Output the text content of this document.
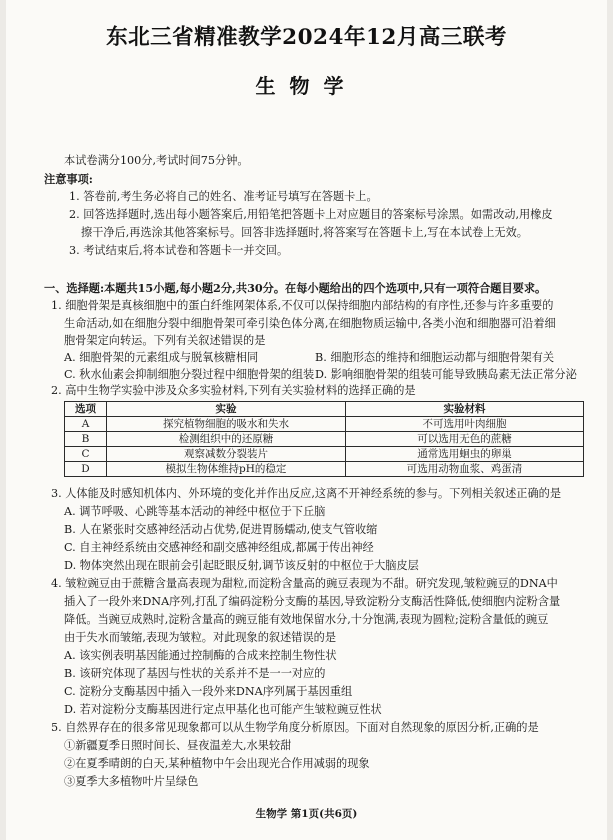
东北三省精准教学2024年12月高三联考
生物学
本试卷满分100分,考试时间75分钟。
注意事项:
1. 答卷前,考生务必将自己的姓名、准考证号填写在答题卡上。
2. 回答选择题时,选出每小题答案后,用铅笔把答题卡上对应题目的答案标号涂黑。如需改动,用橡皮
擦干净后,再选涂其他答案标号。回答非选择题时,将答案写在答题卡上,写在本试卷上无效。
3. 考试结束后,将本试卷和答题卡一并交回。
一、选择题:本题共15小题,每小题2分,共30分。在每小题给出的四个选项中,只有一项符合题目要求。
1. 细胞骨架是真核细胞中的蛋白纤维网架体系,不仅可以保持细胞内部结构的有序性,还参与许多重要的
生命活动,如在细胞分裂中细胞骨架可牵引染色体分离,在细胞物质运输中,各类小泡和细胞器可沿着细
胞骨架定向转运。下列有关叙述错误的是
A. 细胞骨架的元素组成与脱氧核糖相同	B. 细胞形态的维持和细胞运动都与细胞骨架有关
C. 秋水仙素会抑制细胞分裂过程中细胞骨架的组装 D. 影响细胞骨架的组装可能导致胰岛素无法正常分泌
2. 高中生物学实验中涉及众多实验材料,下列有关实验材料的选择正确的是
选项	实验	实验材料
A	探究植物细胞的吸水和失水	不可选用叶肉细胞
B	检测组织中的还原糖	可以选用无色的蔗糖
C	观察减数分裂装片	通常选用蛔虫的卵巢
D	模拟生物体维持pH的稳定	可选用动物血浆、鸡蛋清
3. 人体能及时感知机体内、外环境的变化并作出反应,这离不开神经系统的参与。下列相关叙述正确的是
A. 调节呼吸、心跳等基本活动的神经中枢位于下丘脑
B. 人在紧张时交感神经活动占优势,促进胃肠蠕动,使支气管收缩
C. 自主神经系统由交感神经和副交感神经组成,都属于传出神经
D. 物体突然出现在眼前会引起眨眼反射,调节该反射的中枢位于大脑皮层
4. 皱粒豌豆由于蔗糖含量高表现为甜粒,而淀粉含量高的豌豆表现为不甜。研究发现,皱粒豌豆的DNA中
插入了一段外来DNA序列,打乱了编码淀粉分支酶的基因,导致淀粉分支酶活性降低,使细胞内淀粉含量
降低。当豌豆成熟时,淀粉含量高的豌豆能有效地保留水分,十分饱满,表现为圆粒;淀粉含量低的豌豆
由于失水而皱缩,表现为皱粒。对此现象的叙述错误的是
A. 该实例表明基因能通过控制酶的合成来控制生物性状
B. 该研究体现了基因与性状的关系并不是一一对应的
C. 淀粉分支酶基因中插入一段外来DNA序列属于基因重组
D. 若对淀粉分支酶基因进行定点甲基化也可能产生皱粒豌豆性状
5. 自然界存在的很多常见现象都可以从生物学角度分析原因。下面对自然现象的原因分析,正确的是
①新疆夏季日照时间长、昼夜温差大,水果较甜
②在夏季晴朗的白天,某种植物中午会出现光合作用减弱的现象
③夏季大多植物叶片呈绿色
生物学 第1页(共6页)
